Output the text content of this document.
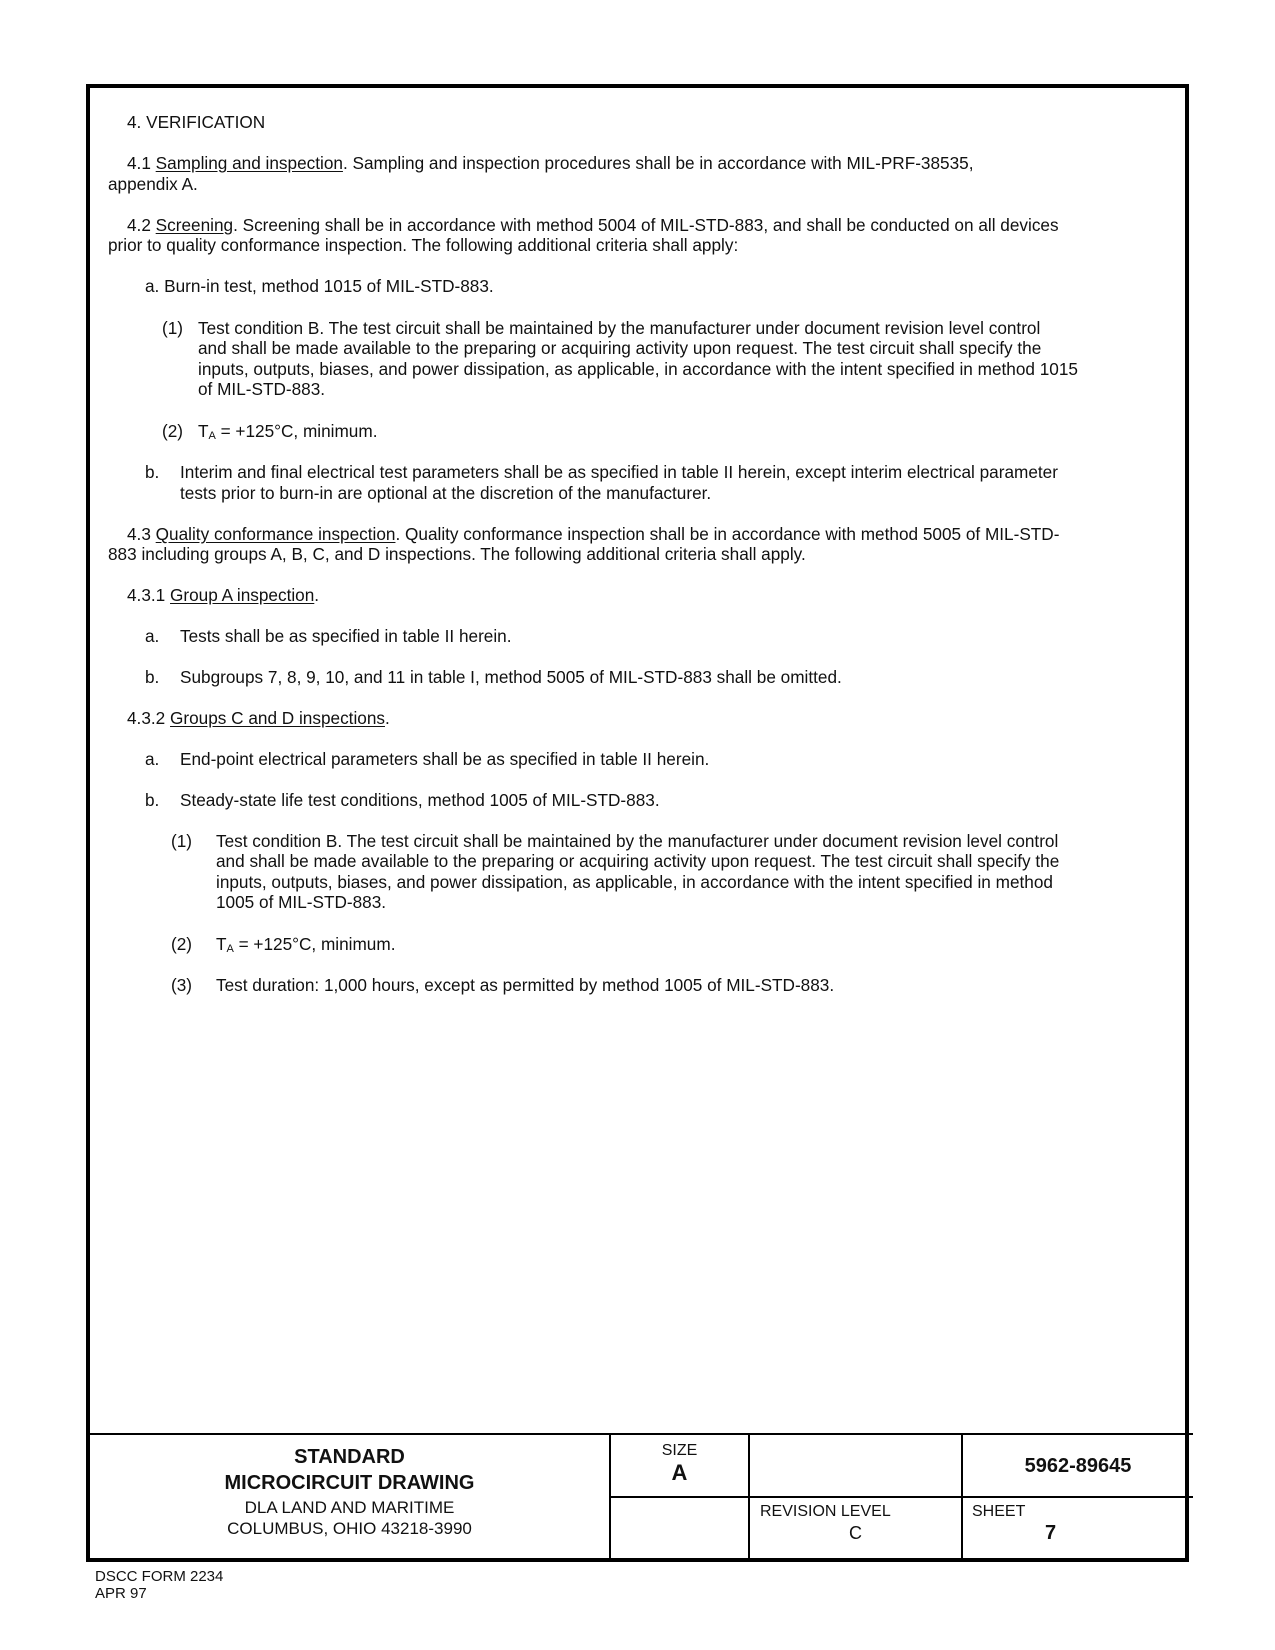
4. VERIFICATION
4.1 Sampling and inspection. Sampling and inspection procedures shall be in accordance with MIL-PRF-38535,
appendix A.
4.2 Screening. Screening shall be in accordance with method 5004 of MIL-STD-883, and shall be conducted on all devices
prior to quality conformance inspection. The following additional criteria shall apply:
a. Burn-in test, method 1015 of MIL-STD-883.
(1) Test condition B. The test circuit shall be maintained by the manufacturer under document revision level control
and shall be made available to the preparing or acquiring activity upon request. The test circuit shall specify the
inputs, outputs, biases, and power dissipation, as applicable, in accordance with the intent specified in method 1015
of MIL-STD-883.
(2) TA = +125°C, minimum.
b. Interim and final electrical test parameters shall be as specified in table II herein, except interim electrical parameter
tests prior to burn-in are optional at the discretion of the manufacturer.
4.3 Quality conformance inspection. Quality conformance inspection shall be in accordance with method 5005 of MIL-STD-
883 including groups A, B, C, and D inspections. The following additional criteria shall apply.
4.3.1 Group A inspection.
a. Tests shall be as specified in table II herein.
b. Subgroups 7, 8, 9, 10, and 11 in table I, method 5005 of MIL-STD-883 shall be omitted.
4.3.2 Groups C and D inspections.
a. End-point electrical parameters shall be as specified in table II herein.
b. Steady-state life test conditions, method 1005 of MIL-STD-883.
(1) Test condition B. The test circuit shall be maintained by the manufacturer under document revision level control
and shall be made available to the preparing or acquiring activity upon request. The test circuit shall specify the
inputs, outputs, biases, and power dissipation, as applicable, in accordance with the intent specified in method
1005 of MIL-STD-883.
(2) TA = +125°C, minimum.
(3) Test duration: 1,000 hours, except as permitted by method 1005 of MIL-STD-883.
STANDARD
MICROCIRCUIT DRAWING
DLA LAND AND MARITIME
COLUMBUS, OHIO 43218-3990
SIZE
A	5962-89645
REVISION LEVEL
C
SHEET
7
DSCC FORM 2234
APR 97
